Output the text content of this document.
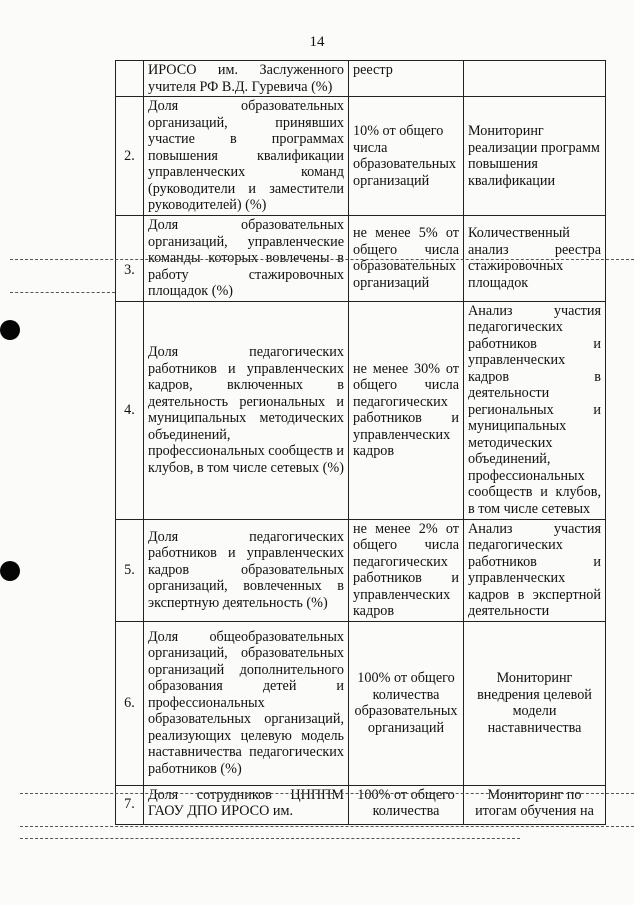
14
	ИРОСО им. Заслуженного учителя РФ В.Д. Гуревича (%)	реестр	
2.	Доля образовательных организаций, принявших участие в программах повышения квалификации управленческих команд (руководители и заместители руководителей) (%)	10% от общего числа образовательных организаций	Мониторинг реализации программ повышения квалификации
3.	Доля образовательных организаций, управленческие команды которых вовлечены в работу стажировочных площадок (%)	не менее 5% от общего числа образовательных организаций	Количественный анализ реестра стажировочных площадок
4.	Доля педагогических работников и управленческих кадров, включенных в деятельность региональных и муниципальных методических объединений, профессиональных сообществ и клубов, в том числе сетевых (%)	не менее 30% от общего числа педагогических работников и управленческих кадров	Анализ участия педагогических работников и управленческих кадров в деятельности региональных и муниципальных методических объединений, профессиональных сообществ и клубов, в том числе сетевых
5.	Доля педагогических работников и управленческих кадров образовательных организаций, вовлеченных в экспертную деятельность (%)	не менее 2% от общего числа педагогических работников и управленческих кадров	Анализ участия педагогических работников и управленческих кадров в экспертной деятельности
6.	Доля общеобразовательных организаций, образовательных организаций дополнительного образования детей и профессиональных образовательных организаций, реализующих целевую модель наставничества педагогических работников (%)	100% от общего количества образовательных организаций	Мониторинг внедрения целевой модели наставничества
7.	Доля сотрудников ЦНППМ ГАОУ ДПО ИРОСО им.	100% от общего количества	Мониторинг по итогам обучения на
